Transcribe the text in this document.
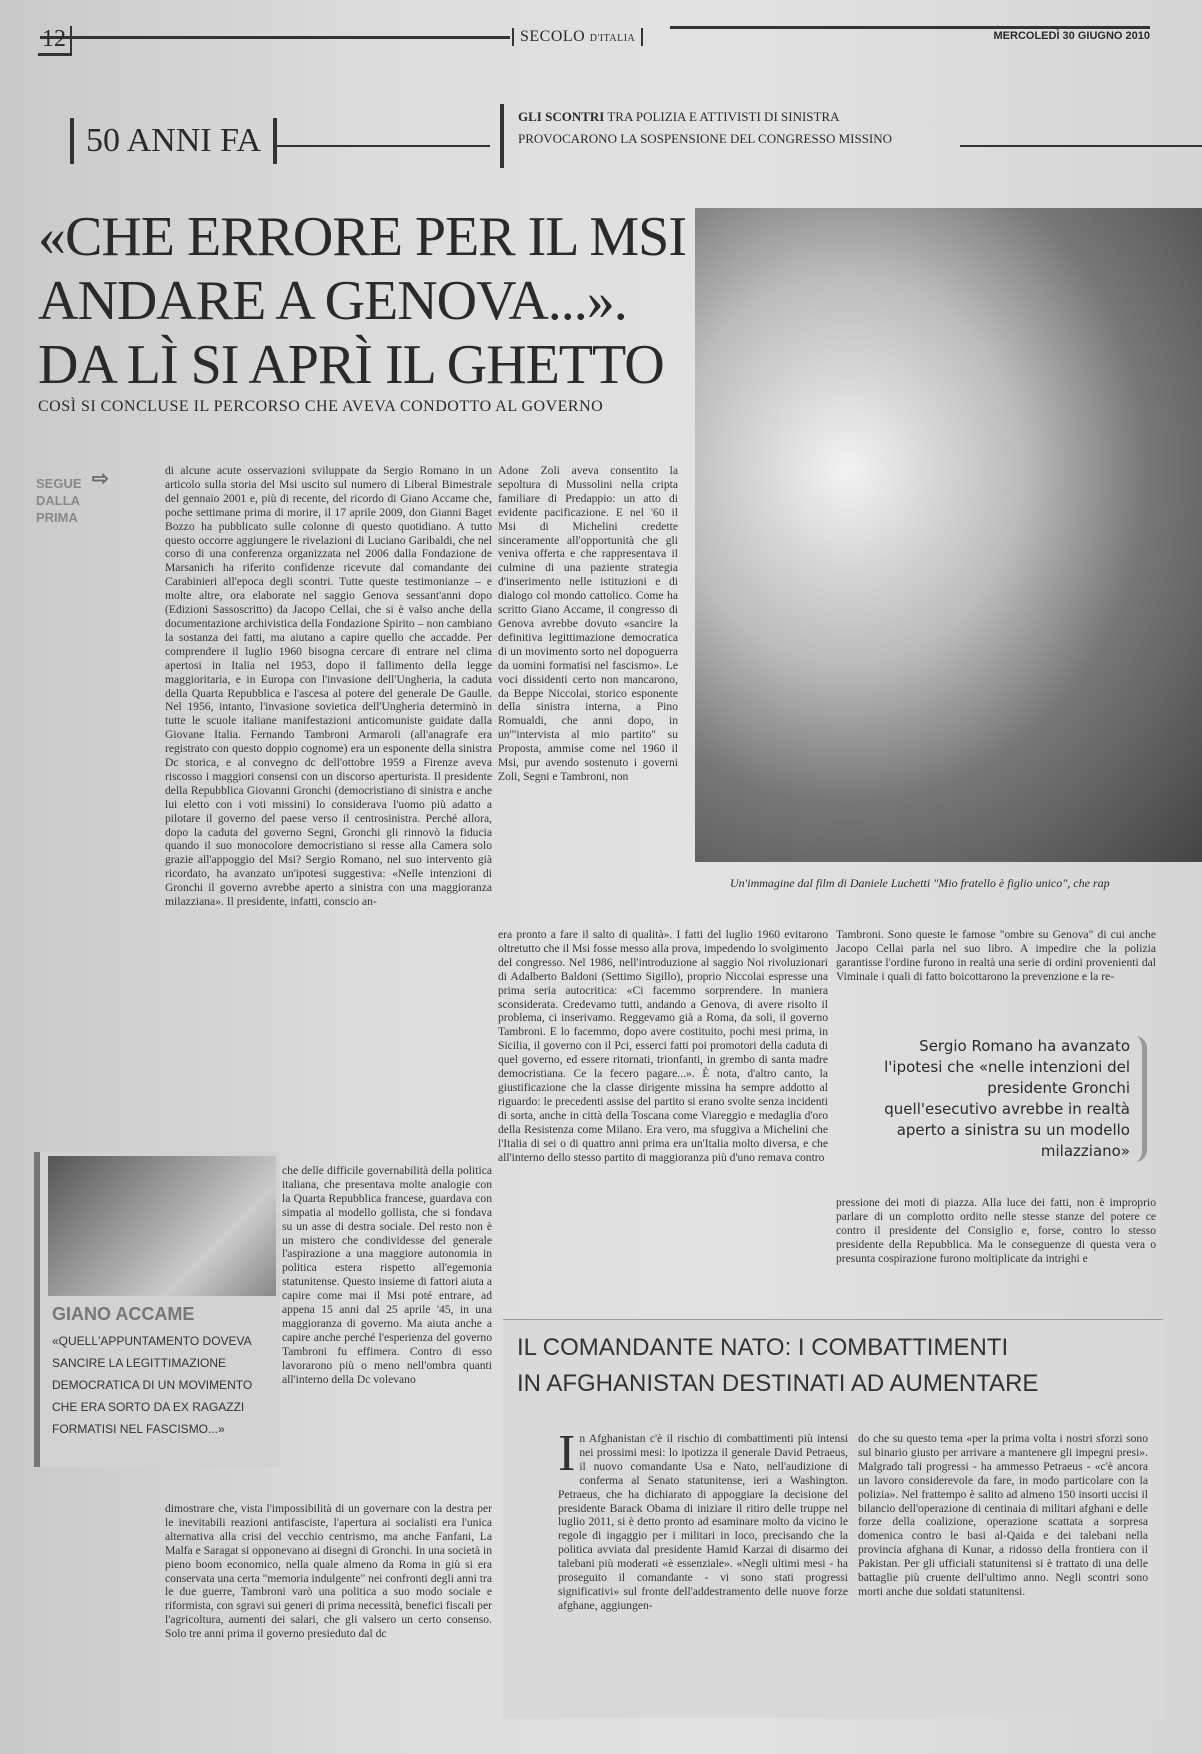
12	SECOLO D'ITALIA	MERCOLEDÌ 30 GIUGNO 2010
50 ANNI FA
GLI SCONTRI TRA POLIZIA E ATTIVISTI DI SINISTRA
PROVOCARONO LA SOSPENSIONE DEL CONGRESSO MISSINO
«CHE ERRORE PER IL MSI ANDARE A GENOVA...». DA LÌ SI APRÌ IL GHETTO
COSÌ SI CONCLUSE IL PERCORSO CHE AVEVA CONDOTTO AL GOVERNO
Un'immagine dal film di Daniele Luchetti "Mio fratello è figlio unico", che rap
SEGUE ⇨
DALLA
PRIMA
di alcune acute osservazioni sviluppate da Sergio Romano in un articolo sulla storia del Msi uscito sul numero di Liberal Bimestrale del gennaio 2001 e, più di recente, del ricordo di Giano Accame che, poche settimane prima di morire, il 17 aprile 2009, don Gianni Baget Bozzo ha pubblicato sulle colonne di questo quotidiano. A tutto questo occorre aggiungere le rivelazioni di Luciano Garibaldi, che nel corso di una conferenza organizzata nel 2006 dalla Fondazione de Marsanich ha riferito confidenze ricevute dal comandante dei Carabinieri all'epoca degli scontri. Tutte queste testimonianze – e molte altre, ora elaborate nel saggio Genova sessant'anni dopo (Edizioni Sassoscritto) da Jacopo Cellai, che si è valso anche della documentazione archivistica della Fondazione Spirito – non cambiano la sostanza dei fatti, ma aiutano a capire quello che accadde. Per comprendere il luglio 1960 bisogna cercare di entrare nel clima apertosi in Italia nel 1953, dopo il fallimento della legge maggioritaria, e in Europa con l'invasione dell'Ungheria, la caduta della Quarta Repubblica e l'ascesa al potere del generale De Gaulle. Nel 1956, intanto, l'invasione sovietica dell'Ungheria determinò in tutte le scuole italiane manifestazioni anticomuniste guidate dalla Giovane Italia. Fernando Tambroni Armaroli (all'anagrafe era registrato con questo doppio cognome) era un esponente della sinistra Dc storica, e al convegno dc dell'ottobre 1959 a Firenze aveva riscosso i maggiori consensi con un discorso aperturista. Il presidente della Repubblica Giovanni Gronchi (democristiano di sinistra e anche lui eletto con i voti missini) lo considerava l'uomo più adatto a pilotare il governo del paese verso il centrosinistra. Perché allora, dopo la caduta del governo Segni, Gronchi gli rinnovò la fiducia quando il suo monocolore democristiano si resse alla Camera solo grazie all'appoggio del Msi? Sergio Romano, nel suo intervento già ricordato, ha avanzato un'ipotesi suggestiva: «Nelle intenzioni di Gronchi il governo avrebbe aperto a sinistra con una maggioranza milazziana». Il presidente, infatti, conscio an-
che delle difficile governabilità della politica italiana, che presentava molte analogie con la Quarta Repubblica francese, guardava con simpatia al modello gollista, che si fondava su un asse di destra sociale. Del resto non è un mistero che condividesse del generale l'aspirazione a una maggiore autonomia in politica estera rispetto all'egemonia statunitense. Questo insieme di fattori aiuta a capire come mai il Msi poté entrare, ad appena 15 anni dal 25 aprile '45, in una maggioranza di governo. Ma aiuta anche a capire anche perché l'esperienza del governo Tambroni fu effimera. Contro di esso lavorarono più o meno nell'ombra quanti all'interno della Dc volevano
dimostrare che, vista l'impossibilità di un governare con la destra per le inevitabili reazioni antifasciste, l'apertura ai socialisti era l'unica alternativa alla crisi del vecchio centrismo, ma anche Fanfani, La Malfa e Saragat si opponevano ai disegni di Gronchi. In una società in pieno boom economico, nella quale almeno da Roma in giù si era conservata una certa "memoria indulgente" nei confronti degli anni tra le due guerre, Tambroni varò una politica a suo modo sociale e riformista, con sgravi sui generi di prima necessità, benefici fiscali per l'agricoltura, aumenti dei salari, che gli valsero un certo consenso. Solo tre anni prima il governo presieduto dal dc
Adone Zoli aveva consentito la sepoltura di Mussolini nella cripta familiare di Predappio: un atto di evidente pacificazione. E nel '60 il Msi di Michelini credette sinceramente all'opportunità che gli veniva offerta e che rappresentava il culmine di una paziente strategia d'inserimento nelle istituzioni e di dialogo col mondo cattolico. Come ha scritto Giano Accame, il congresso di Genova avrebbe dovuto «sancire la definitiva legittimazione democratica di un movimento sorto nel dopoguerra da uomini formatisi nel fascismo». Le voci dissidenti certo non mancarono, da Beppe Niccolai, storico esponente della sinistra interna, a Pino Romualdi, che anni dopo, in un'"intervista al mio partito" su Proposta, ammise come nel 1960 il Msi, pur avendo sostenuto i governi Zoli, Segni e Tambroni, non
era pronto a fare il salto di qualità». I fatti del luglio 1960 evitarono oltretutto che il Msi fosse messo alla prova, impedendo lo svolgimento del congresso. Nel 1986, nell'introduzione al saggio Noi rivoluzionari di Adalberto Baldoni (Settimo Sigillo), proprio Niccolai espresse una prima seria autocritica: «Ci facemmo sorprendere. In maniera sconsiderata. Credevamo tutti, andando a Genova, di avere risolto il problema, ci inserivamo. Reggevamo già a Roma, da soli, il governo Tambroni. E lo facemmo, dopo avere costituito, pochi mesi prima, in Sicilia, il governo con il Pci, esserci fatti poi promotori della caduta di quel governo, ed essere ritornati, trionfanti, in grembo di santa madre democristiana. Ce la fecero pagare...». È nota, d'altro canto, la giustificazione che la classe dirigente missina ha sempre addotto al riguardo: le precedenti assise del partito si erano svolte senza incidenti di sorta, anche in città della Toscana come Viareggio e medaglia d'oro della Resistenza come Milano. Era vero, ma sfuggiva a Michelini che l'Italia di sei o di quattro anni prima era un'Italia molto diversa, e che all'interno dello stesso partito di maggioranza più d'uno remava contro
Tambroni. Sono queste le famose "ombre su Genova" di cui anche Jacopo Cellai parla nel suo libro. A impedire che la polizia garantisse l'ordine furono in realtà una serie di ordini provenienti dal Viminale i quali di fatto boicottarono la prevenzione e la re-
pressione dei moti di piazza. Alla luce dei fatti, non è improprio parlare di un complotto ordito nelle stesse stanze del potere ce contro il presidente del Consiglio e, forse, contro lo stesso presidente della Repubblica. Ma le conseguenze di questa vera o presunta cospirazione furono moltiplicate da intrighi e
Sergio Romano ha avanzato l'ipotesi che «nelle intenzioni del presidente Gronchi quell'esecutivo avrebbe in realtà aperto a sinistra su un modello milazziano»
GIANO ACCAME
«QUELL'APPUNTAMENTO DOVEVA SANCIRE LA LEGITTIMAZIONE DEMOCRATICA DI UN MOVIMENTO CHE ERA SORTO DA EX RAGAZZI FORMATISI NEL FASCISMO...»
IL COMANDANTE NATO: I COMBATTIMENTI
IN AFGHANISTAN DESTINATI AD AUMENTARE
In Afghanistan c'è il rischio di combattimenti più intensi nei prossimi mesi: lo ipotizza il generale David Petraeus, il nuovo comandante Usa e Nato, nell'audizione di conferma al Senato statunitense, ieri a Washington. Petraeus, che ha dichiarato di appoggiare la decisione del presidente Barack Obama di iniziare il ritiro delle truppe nel luglio 2011, si è detto pronto ad esaminare molto da vicino le regole di ingaggio per i militari in loco, precisando che la politica avviata dal presidente Hamid Karzai di disarmo dei talebani più moderati «è essenziale». «Negli ultimi mesi - ha proseguito il comandante - vi sono stati progressi significativi» sul fronte dell'addestramento delle nuove forze afghane, aggiungen-
do che su questo tema «per la prima volta i nostri sforzi sono sul binario giusto per arrivare a mantenere gli impegni presi». Malgrado tali progressi - ha ammesso Petraeus - «c'è ancora un lavoro considerevole da fare, in modo particolare con la polizia». Nel frattempo è salito ad almeno 150 insorti uccisi il bilancio dell'operazione di centinaia di militari afghani e delle forze della coalizione, operazione scattata a sorpresa domenica contro le basi al-Qaida e dei talebani nella provincia afghana di Kunar, a ridosso della frontiera con il Pakistan. Per gli ufficiali statunitensi si è trattato di una delle battaglie più cruente dell'ultimo anno. Negli scontri sono morti anche due soldati statunitensi.
